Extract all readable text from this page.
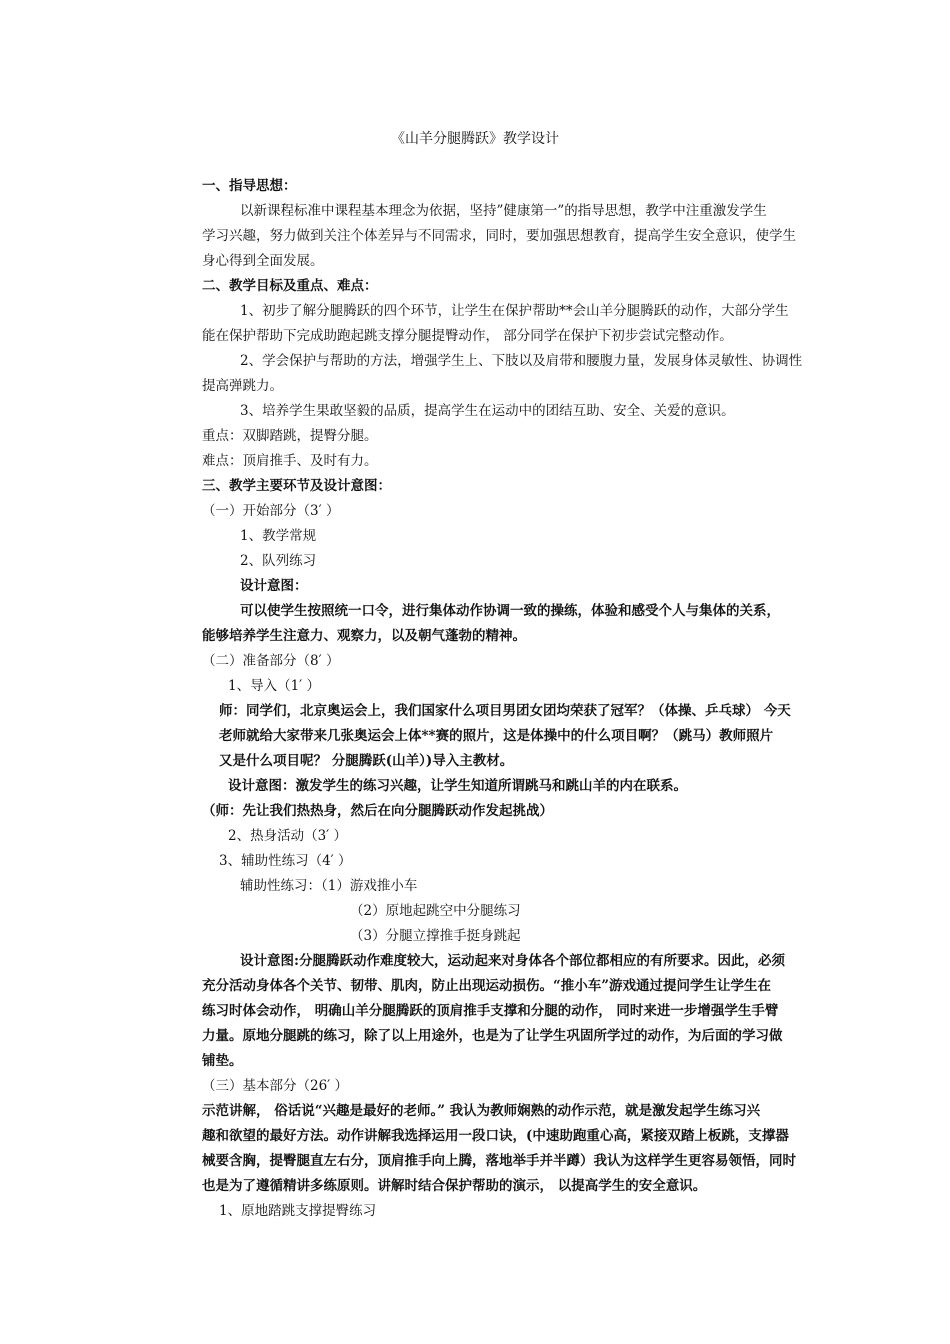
《山羊分腿腾跃》教学设计
一、指导思想：
以新课程标准中课程基本理念为依据，坚持”健康第一”的指导思想，教学中注重激发学生
学习兴趣，努力做到关注个体差异与不同需求，同时，要加强思想教育，提高学生安全意识，使学生
身心得到全面发展。
二、教学目标及重点、难点：
1、初步了解分腿腾跃的四个环节，让学生在保护帮助**会山羊分腿腾跃的动作，大部分学生
能在保护帮助下完成助跑起跳支撑分腿提臀动作， 部分同学在保护下初步尝试完整动作。
2、学会保护与帮助的方法，增强学生上、下肢以及肩带和腰腹力量，发展身体灵敏性、协调性
提高弹跳力。
3、培养学生果敢坚毅的品质，提高学生在运动中的团结互助、安全、关爱的意识。
重点：双脚踏跳，提臀分腿。
难点：顶肩推手、及时有力。
三、教学主要环节及设计意图：
（一）开始部分（3′ ）
1、教学常规
2、队列练习
设计意图：
可以使学生按照统一口令，进行集体动作协调一致的操练，体验和感受个人与集体的关系，
能够培养学生注意力、观察力，以及朝气蓬勃的精神。
（二）准备部分（8′ ）
1、导入（1′ ）
师：同学们，北京奥运会上，我们国家什么项目男团女团均荣获了冠军？（体操、乒乓球） 今天
老师就给大家带来几张奥运会上体**赛的照片，这是体操中的什么项目啊？（跳马）教师照片
又是什么项目呢？ 分腿腾跃(山羊）)导入主教材。
设计意图：激发学生的练习兴趣，让学生知道所谓跳马和跳山羊的内在联系。
（师：先让我们热热身，然后在向分腿腾跃动作发起挑战）
2、热身活动（3′ ）
3、辅助性练习（4′ ）
辅助性练习：（1）游戏推小车
（2）原地起跳空中分腿练习
（3）分腿立撑推手挺身跳起
设计意图:分腿腾跃动作难度较大，运动起来对身体各个部位都相应的有所要求。因此，必须
充分活动身体各个关节、韧带、肌肉，防止出现运动损伤。“推小车”游戏通过提问学生让学生在
练习时体会动作， 明确山羊分腿腾跃的顶肩推手支撑和分腿的动作， 同时来进一步增强学生手臂
力量。原地分腿跳的练习，除了以上用途外，也是为了让学生巩固所学过的动作，为后面的学习做
铺垫。
（三）基本部分（26′ ）
示范讲解， 俗话说“兴趣是最好的老师。” 我认为教师娴熟的动作示范，就是激发起学生练习兴
趣和欲望的最好方法。动作讲解我选择运用一段口诀，(中速助跑重心高，紧接双踏上板跳，支撑器
械要含胸，提臀腿直左右分，顶肩推手向上腾，落地举手并半蹲）我认为这样学生更容易领悟，同时
也是为了遵循精讲多练原则。讲解时结合保护帮助的演示， 以提高学生的安全意识。
1、原地踏跳支撑提臀练习
